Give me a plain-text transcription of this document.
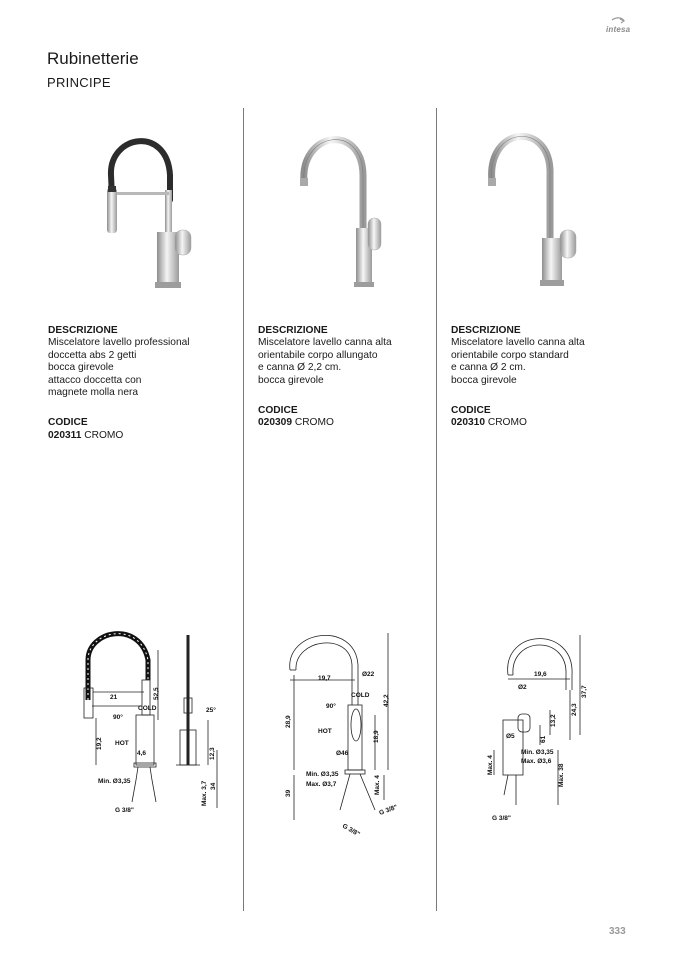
intesa
Rubinetterie
PRINCIPE
DESCRIZIONE
Miscelatore lavello professional
doccetta abs 2 getti
bocca girevole
attacco doccetta con
magnete molla nera
CODICE
020311 CROMO
DESCRIZIONE
Miscelatore lavello canna alta
orientabile corpo allungato
e canna Ø 2,2 cm.
bocca girevole
CODICE
020309 CROMO
DESCRIZIONE
Miscelatore lavello canna alta
orientabile corpo standard
e canna Ø 2 cm.
bocca girevole
CODICE
020310 CROMO
21	52,5
COLD
90°
HOT
19,2
4,6
Min. Ø3,35
G 3/8"
25°
12,3
Max. 3,7 34
19,7
Ø22
COLD 42,2
90°
28,9
HOT	18,9
Ø46
Min. Ø3,35
Max. Ø3,7
39	Max. 4
G 3/8"
G 3/8"
19,6
Ø2	37,7
24,3
13,2
61
Ø5
Min. Ø3,35
Max. Ø3,6
Max. 4	Max. 38
G 3/8"
333
